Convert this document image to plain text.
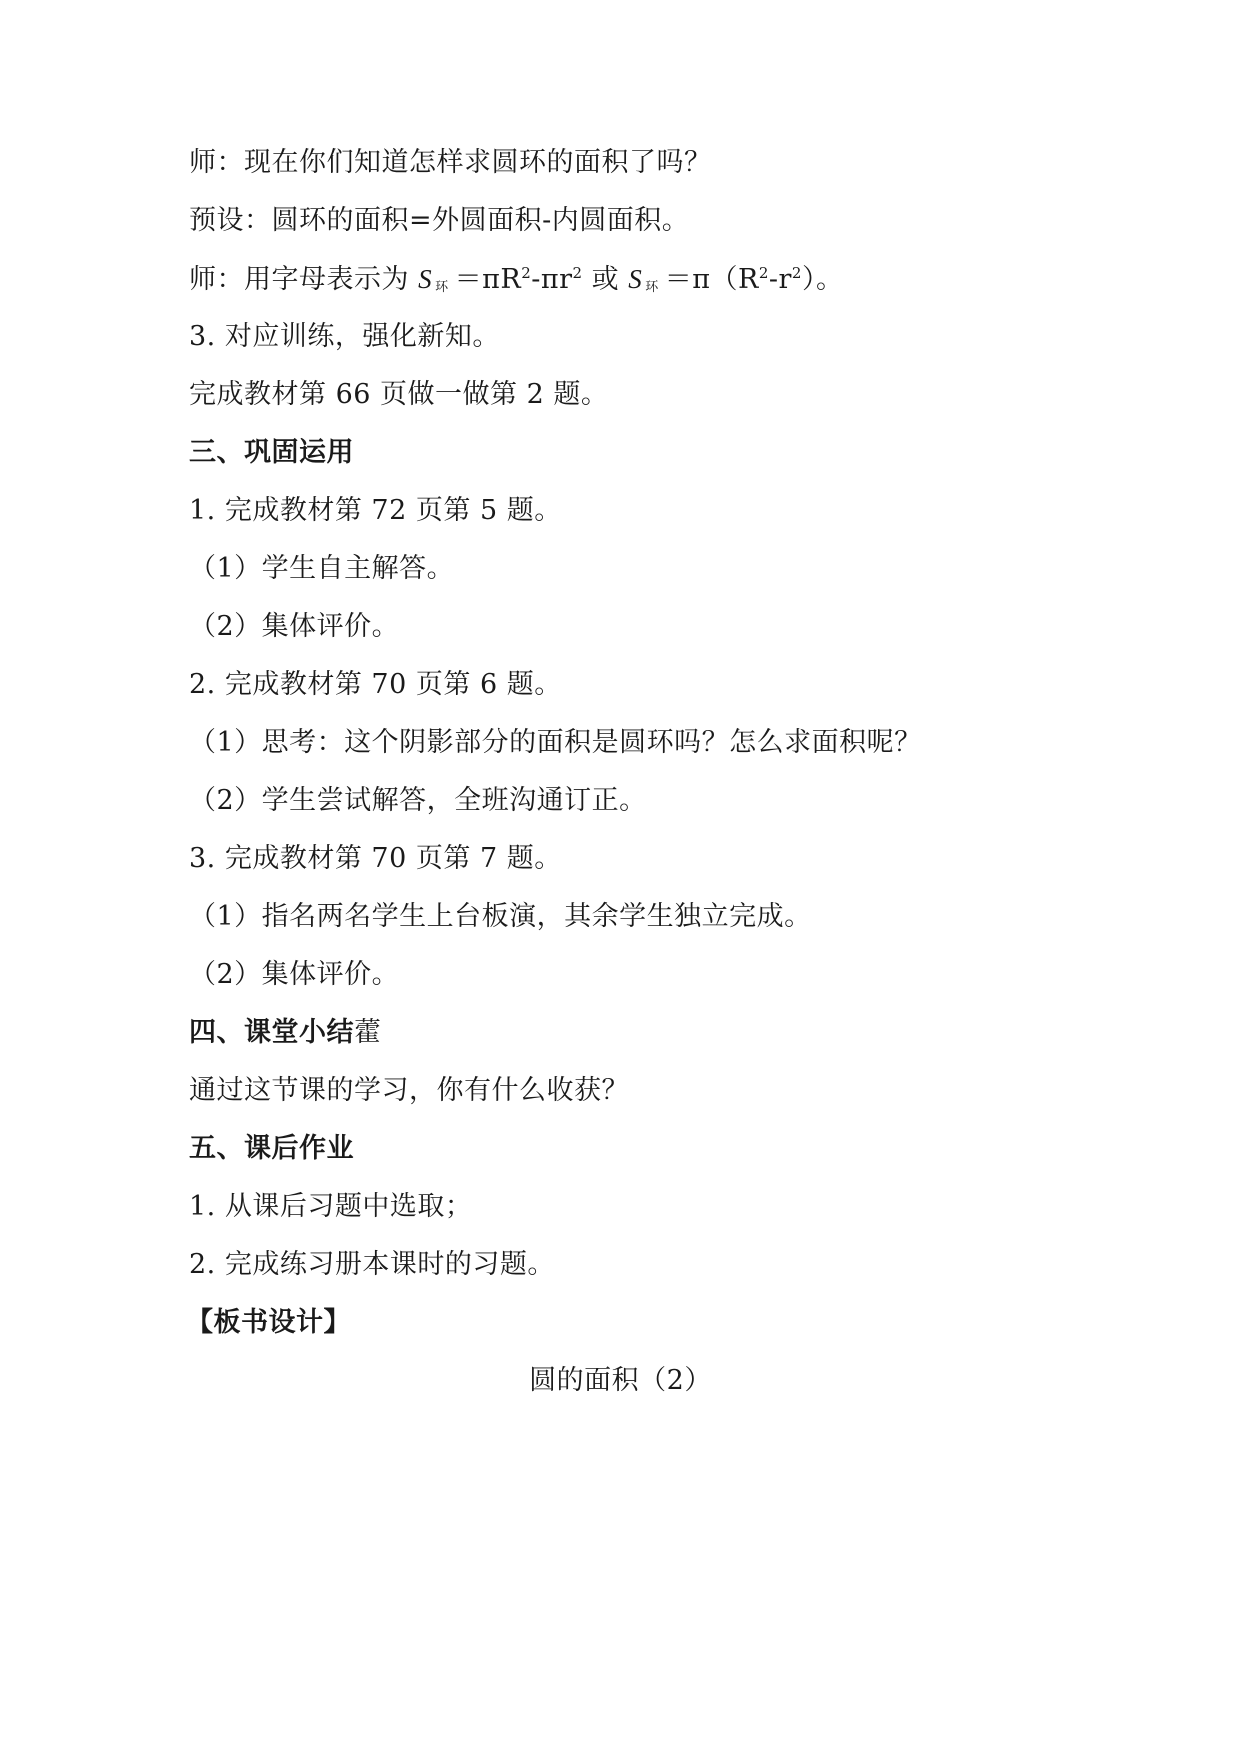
师：现在你们知道怎样求圆环的面积了吗？
预设：圆环的面积=外圆面积-内圆面积。
师：用字母表示为 S $_环 =\pi R^2-\pi r^2$ 或 S $_环 =\pi(R^2-r^2)$。
3. 对应训练，强化新知。
完成教材第 66 页做一做第 2 题。
三、巩固运用
1. 完成教材第 72 页第 5 题。
（1）学生自主解答。
（2）集体评价。
2. 完成教材第 70 页第 6 题。
（1）思考：这个阴影部分的面积是圆环吗？怎么求面积呢？
（2）学生尝试解答，全班沟通订正。
3. 完成教材第 70 页第 7 题。
（1）指名两名学生上台板演，其余学生独立完成。
（2）集体评价。
四、课堂小结藿
通过这节课的学习，你有什么收获？
五、课后作业
1. 从课后习题中选取；
2. 完成练习册本课时的习题。
【板书设计】
圆的面积（2）
